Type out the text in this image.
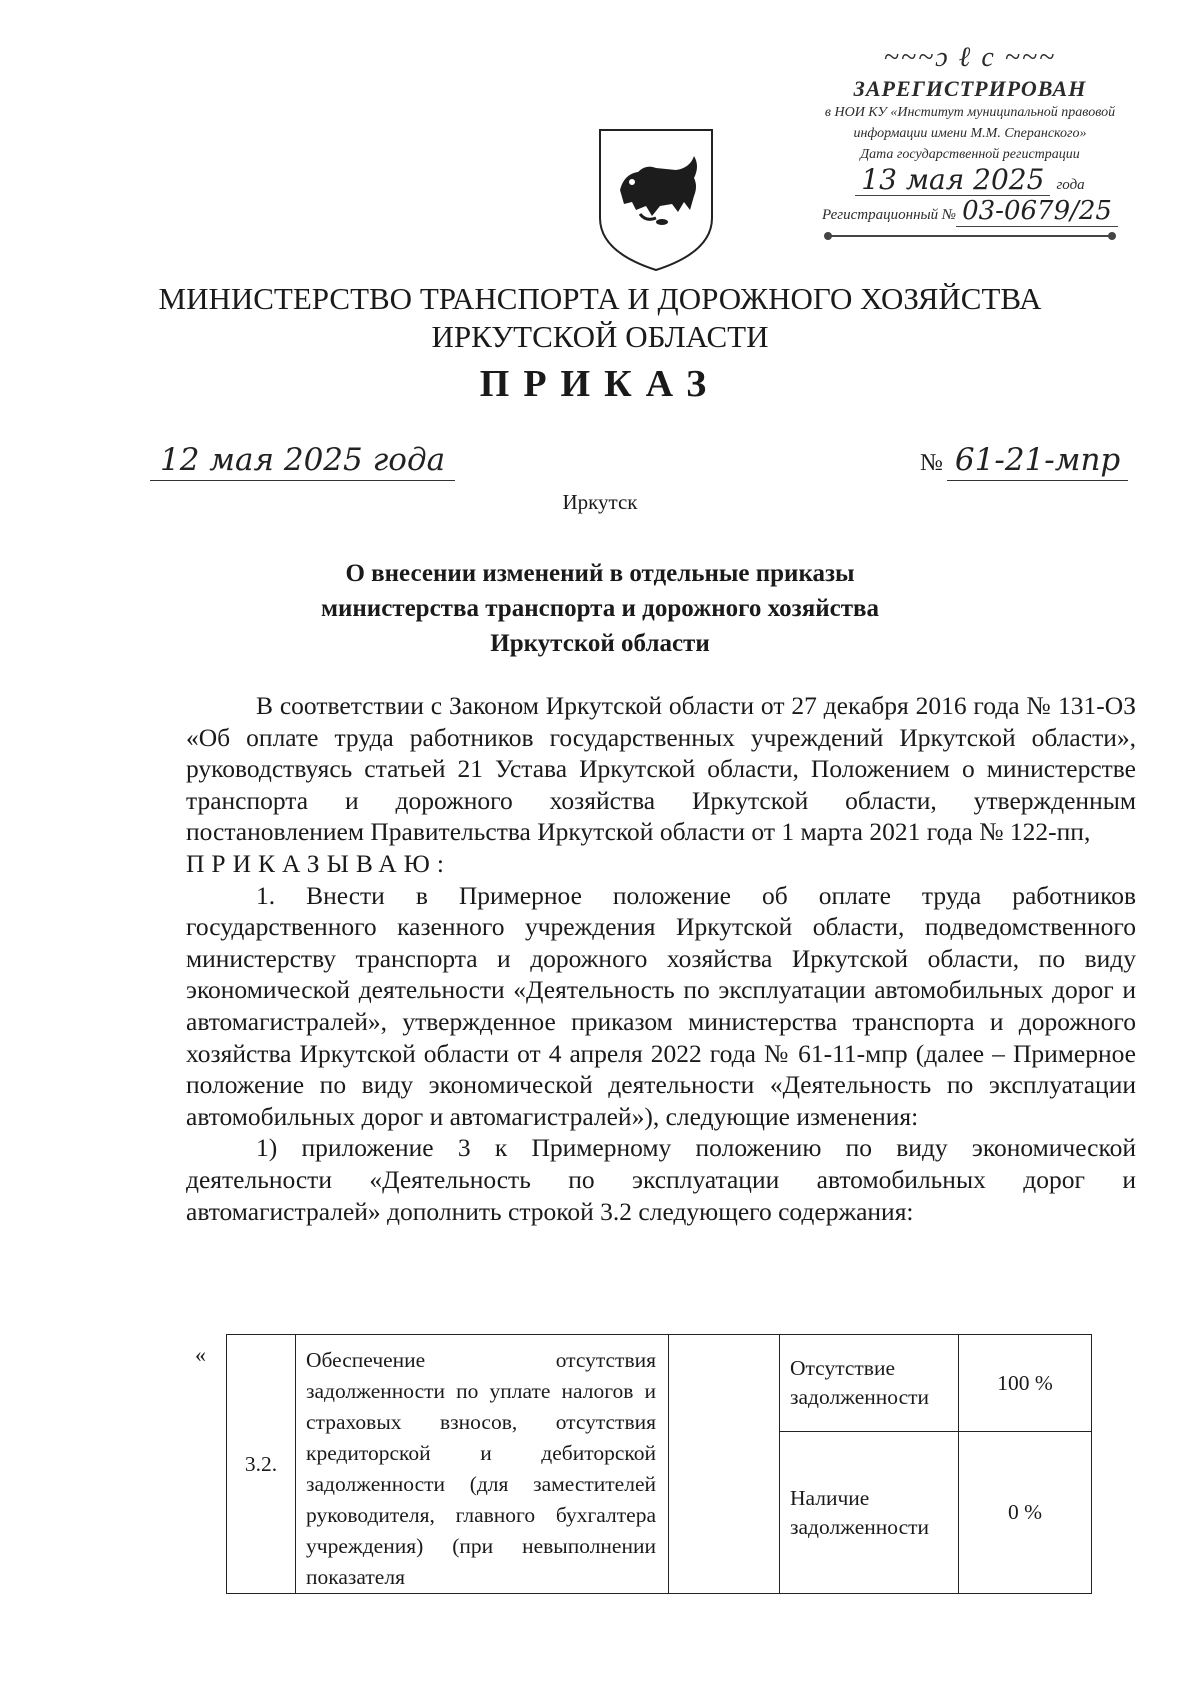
~~~ɔ ℓ c ~~~
ЗАРЕГИСТРИРОВАН
в НОИ КУ «Институт муниципальной правовой
информации имени М.М. Сперанского»
Дата государственной регистрации
13 мая 2025 года
Регистрационный № 03-0679/25
МИНИСТЕРСТВО ТРАНСПОРТА И ДОРОЖНОГО ХОЗЯЙСТВА
ИРКУТСКОЙ ОБЛАСТИ
ПРИКАЗ
12 мая 2025 года	№ 61-21-мпр
Иркутск
О внесении изменений в отдельные приказы
министерства транспорта и дорожного хозяйства
Иркутской области

В соответствии с Законом Иркутской области от 27 декабря 2016 года № 131-ОЗ «Об оплате труда работников государственных учреждений Иркутской области», руководствуясь статьей 21 Устава Иркутской области, Положением о министерстве транспорта и дорожного хозяйства Иркутской области, утвержденным постановлением Правительства Иркутской области от 1 марта 2021 года № 122-пп,

ПРИКАЗЫВАЮ:

1. Внести в Примерное положение об оплате труда работников государственного казенного учреждения Иркутской области, подведомственного министерству транспорта и дорожного хозяйства Иркутской области, по виду экономической деятельности «Деятельность по эксплуатации автомобильных дорог и автомагистралей», утвержденное приказом министерства транспорта и дорожного хозяйства Иркутской области от 4 апреля 2022 года № 61-11-мпр (далее – Примерное положение по виду экономической деятельности «Деятельность по эксплуатации автомобильных дорог и автомагистралей»), следующие изменения:

1) приложение 3 к Примерному положению по виду экономической деятельности «Деятельность по эксплуатации автомобильных дорог и автомагистралей» дополнить строкой 3.2 следующего содержания:

«
3.2.	Обеспечение отсутствия задолженности по уплате налогов и страховых взносов, отсутствия кредиторской и дебиторской задолженности (для заместителей руководителя, главного бухгалтера учреждения) (при невыполнении показателя		Отсутствие задолженности	100 %
			Наличие задолженности	0 %
